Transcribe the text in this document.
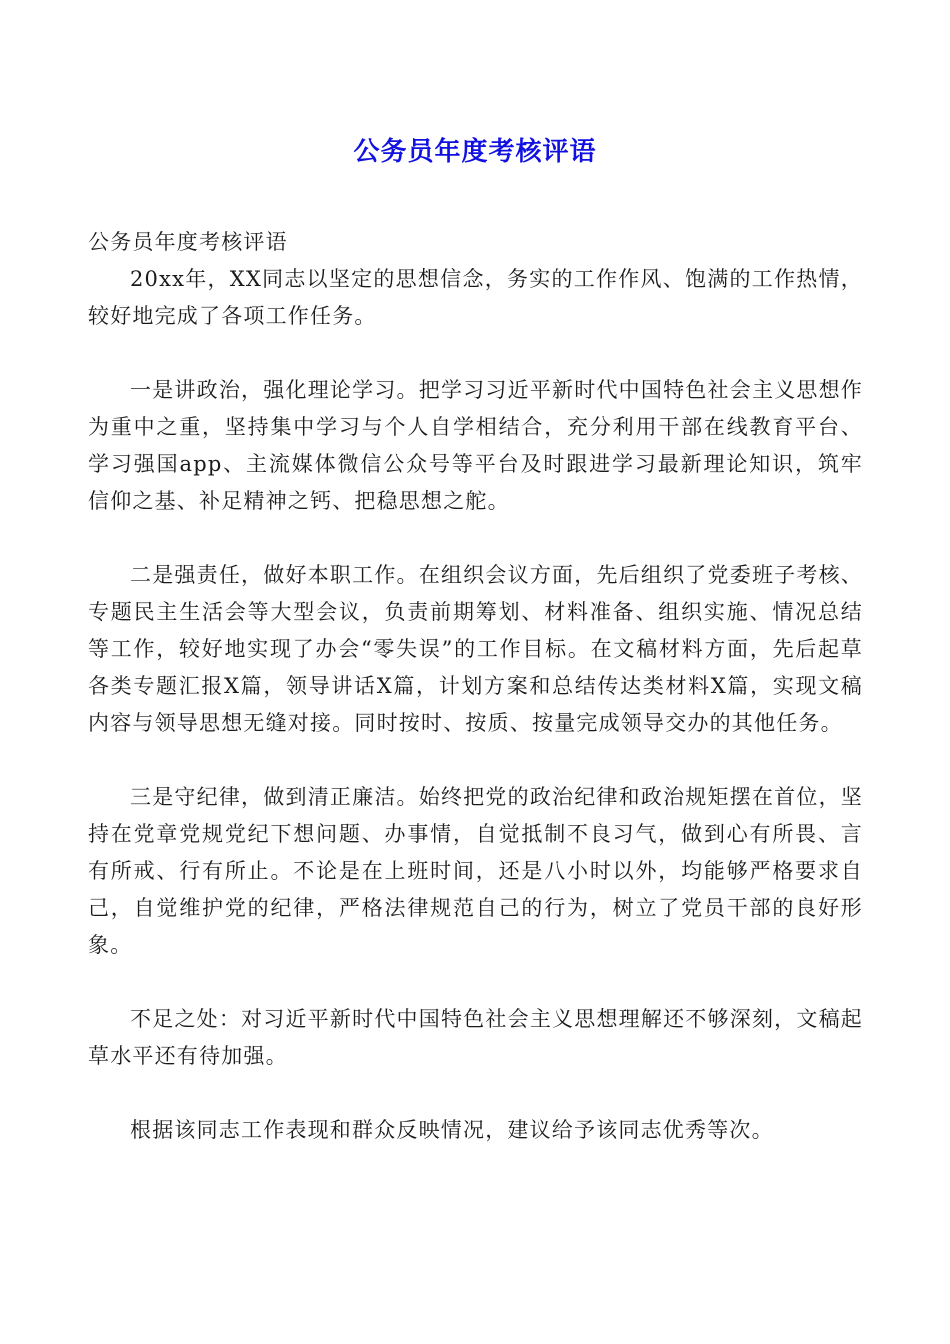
公务员年度考核评语

公务员年度考核评语

20xx年，XX同志以坚定的思想信念，务实的工作作风、饱满的工作热情，较好地完成了各项工作任务。

一是讲政治，强化理论学习。把学习习近平新时代中国特色社会主义思想作为重中之重，坚持集中学习与个人自学相结合，充分利用干部在线教育平台、学习强国app、主流媒体微信公众号等平台及时跟进学习最新理论知识，筑牢信仰之基、补足精神之钙、把稳思想之舵。

二是强责任，做好本职工作。在组织会议方面，先后组织了党委班子考核、专题民主生活会等大型会议，负责前期筹划、材料准备、组织实施、情况总结等工作，较好地实现了办会“零失误”的工作目标。在文稿材料方面，先后起草各类专题汇报X篇，领导讲话X篇，计划方案和总结传达类材料X篇，实现文稿内容与领导思想无缝对接。同时按时、按质、按量完成领导交办的其他任务。

三是守纪律，做到清正廉洁。始终把党的政治纪律和政治规矩摆在首位，坚持在党章党规党纪下想问题、办事情，自觉抵制不良习气，做到心有所畏、言有所戒、行有所止。不论是在上班时间，还是八小时以外，均能够严格要求自己，自觉维护党的纪律，严格法律规范自己的行为，树立了党员干部的良好形象。

不足之处：对习近平新时代中国特色社会主义思想理解还不够深刻，文稿起草水平还有待加强。

根据该同志工作表现和群众反映情况，建议给予该同志优秀等次。
